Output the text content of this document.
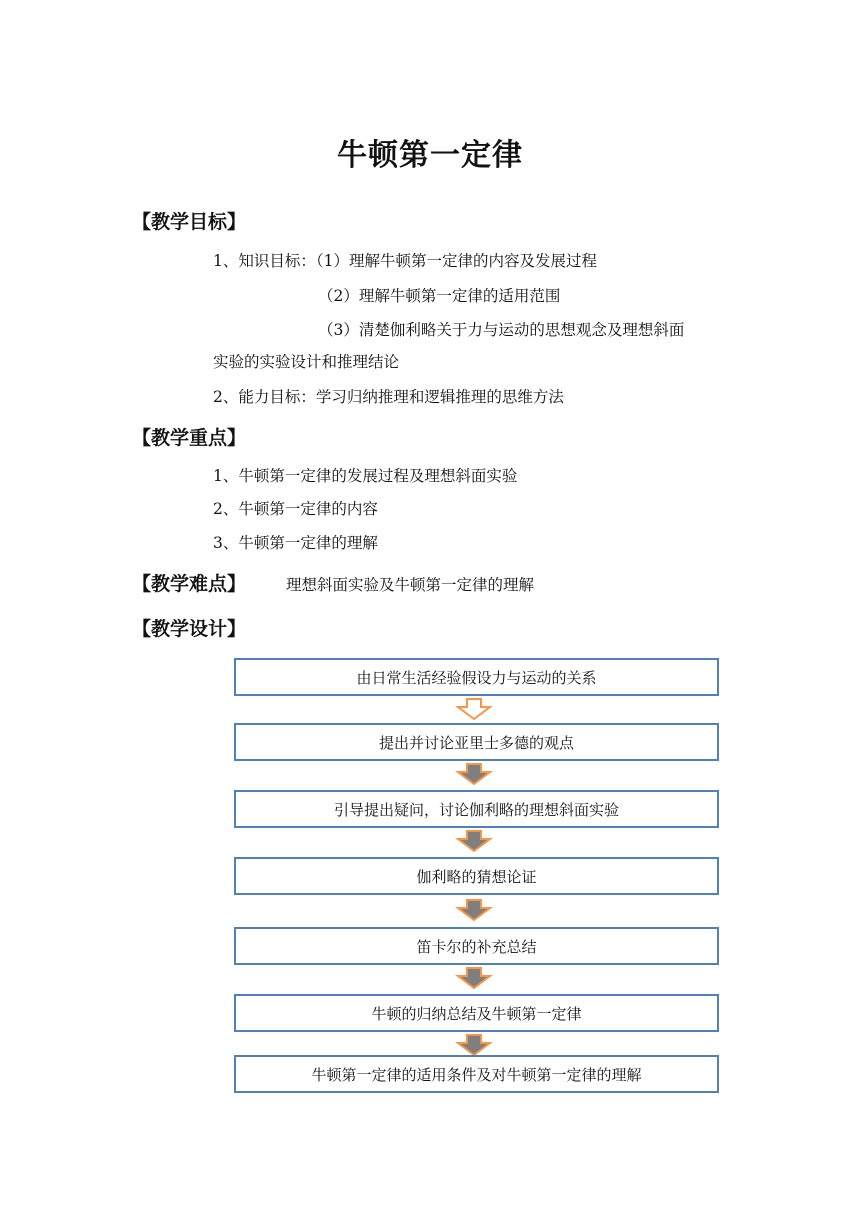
牛顿第一定律
【教学目标】
1、知识目标：（1）理解牛顿第一定律的内容及发展过程
（2）理解牛顿第一定律的适用范围
（3）清楚伽利略关于力与运动的思想观念及理想斜面
实验的实验设计和推理结论
2、能力目标：学习归纳推理和逻辑推理的思维方法
【教学重点】
1、牛顿第一定律的发展过程及理想斜面实验
2、牛顿第一定律的内容
3、牛顿第一定律的理解
【教学难点】	理想斜面实验及牛顿第一定律的理解
【教学设计】
由日常生活经验假设力与运动的关系
提出并讨论亚里士多德的观点
引导提出疑问，讨论伽利略的理想斜面实验
伽利略的猜想论证
笛卡尔的补充总结
牛顿的归纳总结及牛顿第一定律
牛顿第一定律的适用条件及对牛顿第一定律的理解
